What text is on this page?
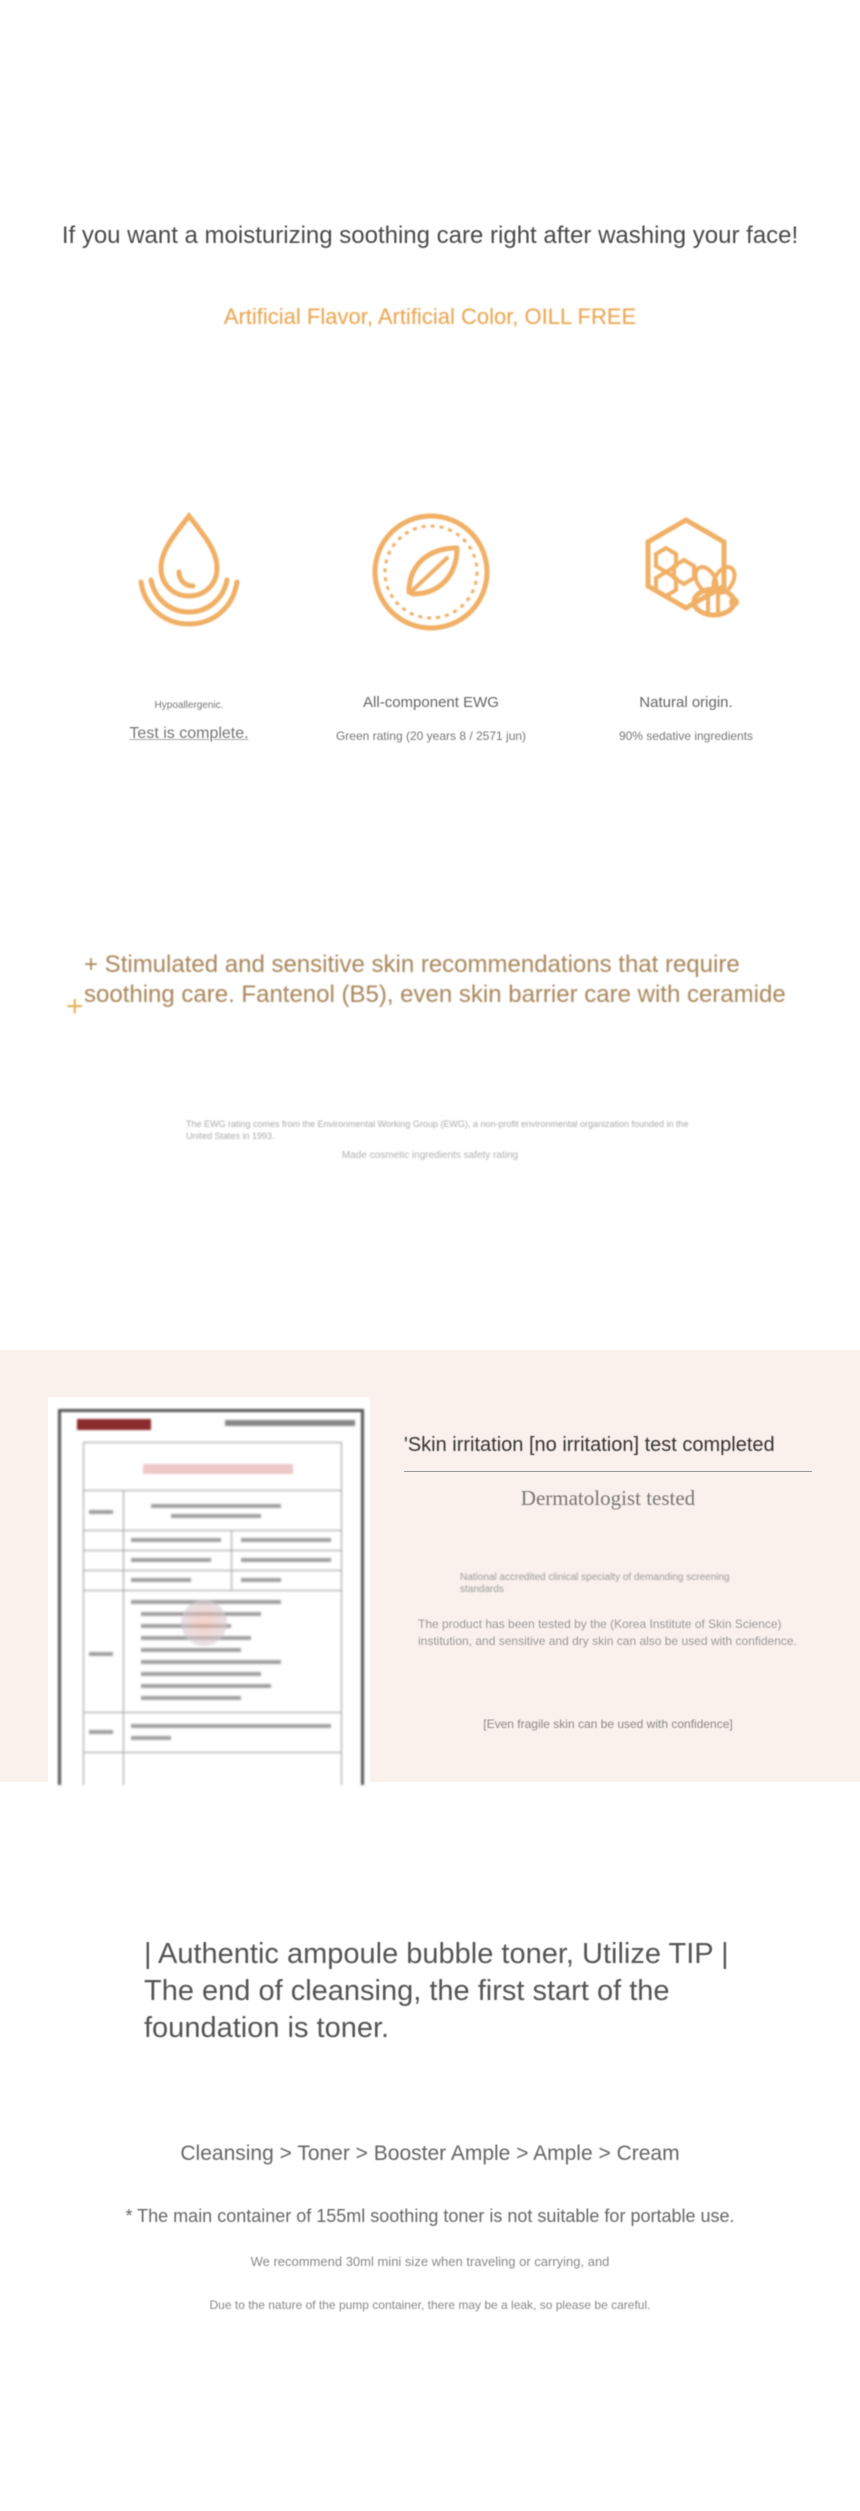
If you want a moisturizing soothing care right after washing your face!
Artificial Flavor, Artificial Color, OILL FREE
Hypoallergenic.
Test is complete.
All-component EWG
Green rating (20 years 8 / 2571 jun)
Natural origin.
90% sedative ingredients
+
+ Stimulated and sensitive skin recommendations that require soothing care. Fantenol (B5), even skin barrier care with ceramide
The EWG rating comes from the Environmental Working Group (EWG), a non-profit environmental organization founded in the United States in 1993.
Made cosmetic ingredients safety rating
'Skin irritation [no irritation] test completed
Dermatologist tested
National accredited clinical specialty of demanding screening standards
The product has been tested by the (Korea Institute of Skin Science) institution, and sensitive and dry skin can also be used with confidence.
[Even fragile skin can be used with confidence]
| Authentic ampoule bubble toner, Utilize TIP | The end of cleansing, the first start of the foundation is toner.
Cleansing > Toner > Booster Ample > Ample > Cream
* The main container of 155ml soothing toner is not suitable for portable use.
We recommend 30ml mini size when traveling or carrying, and
Due to the nature of the pump container, there may be a leak, so please be careful.
